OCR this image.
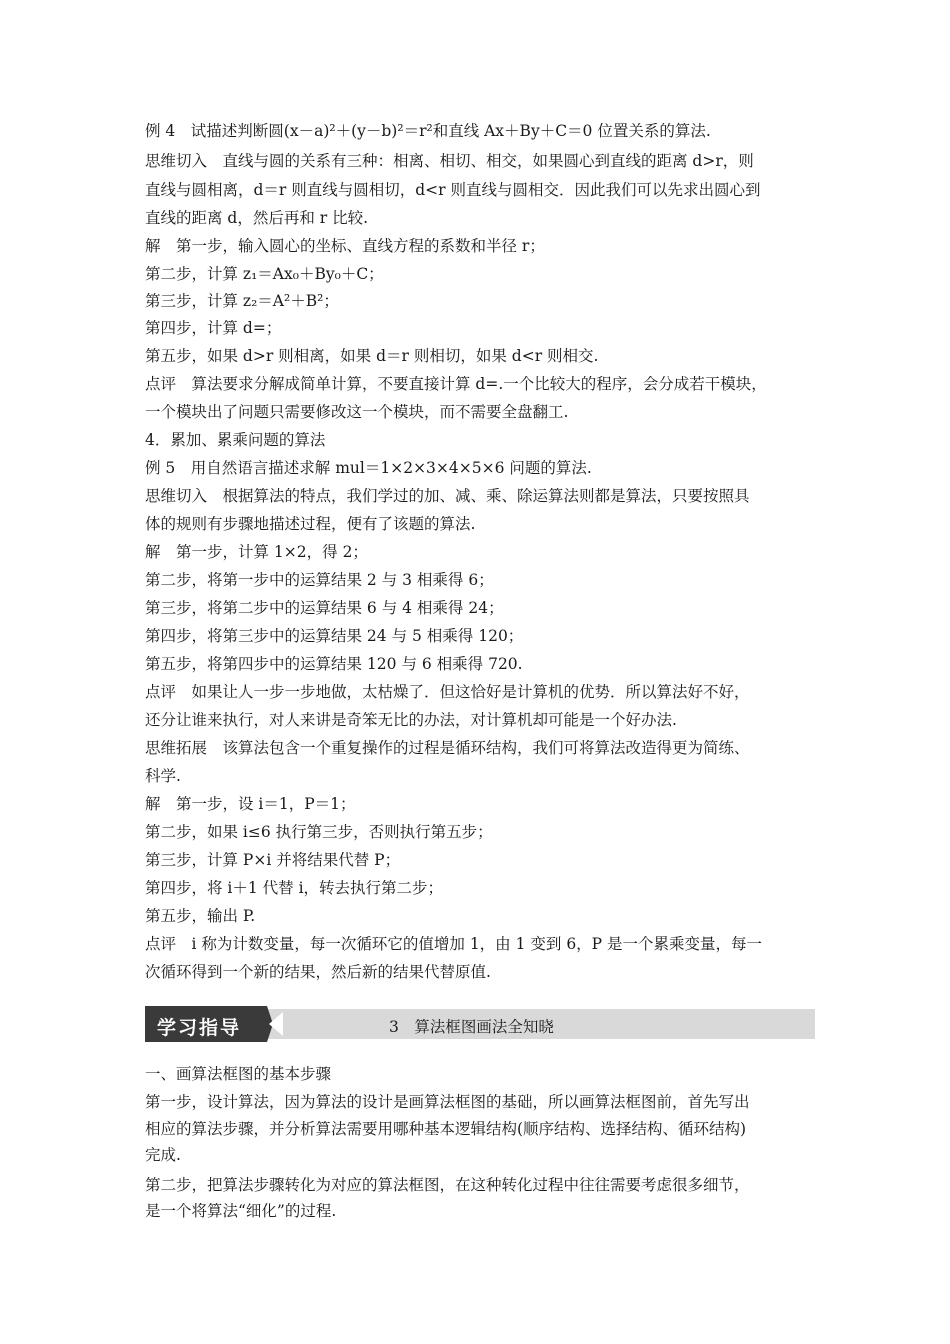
例 4　试描述判断圆(x－a)²＋(y－b)²＝r²和直线 Ax＋By＋C＝0 位置关系的算法.
思维切入　直线与圆的关系有三种：相离、相切、相交，如果圆心到直线的距离 d>r，则
直线与圆相离，d＝r 则直线与圆相切，d<r 则直线与圆相交．因此我们可以先求出圆心到
直线的距离 d，然后再和 r 比较.
解　第一步，输入圆心的坐标、直线方程的系数和半径 r；
第二步，计算 z₁＝Ax₀＋By₀＋C；
第三步，计算 z₂＝A²＋B²；
第四步，计算 d=；
第五步，如果 d>r 则相离，如果 d＝r 则相切，如果 d<r 则相交.
点评　算法要求分解成简单计算，不要直接计算 d=.一个比较大的程序，会分成若干模块，
一个模块出了问题只需要修改这一个模块，而不需要全盘翻工.
4．累加、累乘问题的算法
例 5　用自然语言描述求解 mul＝1×2×3×4×5×6 问题的算法.
思维切入　根据算法的特点，我们学过的加、减、乘、除运算法则都是算法，只要按照具
体的规则有步骤地描述过程，便有了该题的算法.
解　第一步，计算 1×2，得 2；
第二步，将第一步中的运算结果 2 与 3 相乘得 6；
第三步，将第二步中的运算结果 6 与 4 相乘得 24；
第四步，将第三步中的运算结果 24 与 5 相乘得 120；
第五步，将第四步中的运算结果 120 与 6 相乘得 720.
点评　如果让人一步一步地做，太枯燥了．但这恰好是计算机的优势．所以算法好不好，
还分让谁来执行，对人来讲是奇笨无比的办法，对计算机却可能是一个好办法.
思维拓展　该算法包含一个重复操作的过程是循环结构，我们可将算法改造得更为简练、
科学.
解　第一步，设 i＝1，P＝1；
第二步，如果 i≤6 执行第三步，否则执行第五步；
第三步，计算 P×i 并将结果代替 P；
第四步，将 i＋1 代替 i，转去执行第二步；
第五步，输出 P.
点评　i 称为计数变量，每一次循环它的值增加 1，由 1 变到 6，P 是一个累乘变量，每一
次循环得到一个新的结果，然后新的结果代替原值.
学习指导	3　算法框图画法全知晓
一、画算法框图的基本步骤
第一步，设计算法，因为算法的设计是画算法框图的基础，所以画算法框图前，首先写出
相应的算法步骤，并分析算法需要用哪种基本逻辑结构(顺序结构、选择结构、循环结构)
完成.
第二步，把算法步骤转化为对应的算法框图，在这种转化过程中往往需要考虑很多细节，
是一个将算法“细化”的过程.
